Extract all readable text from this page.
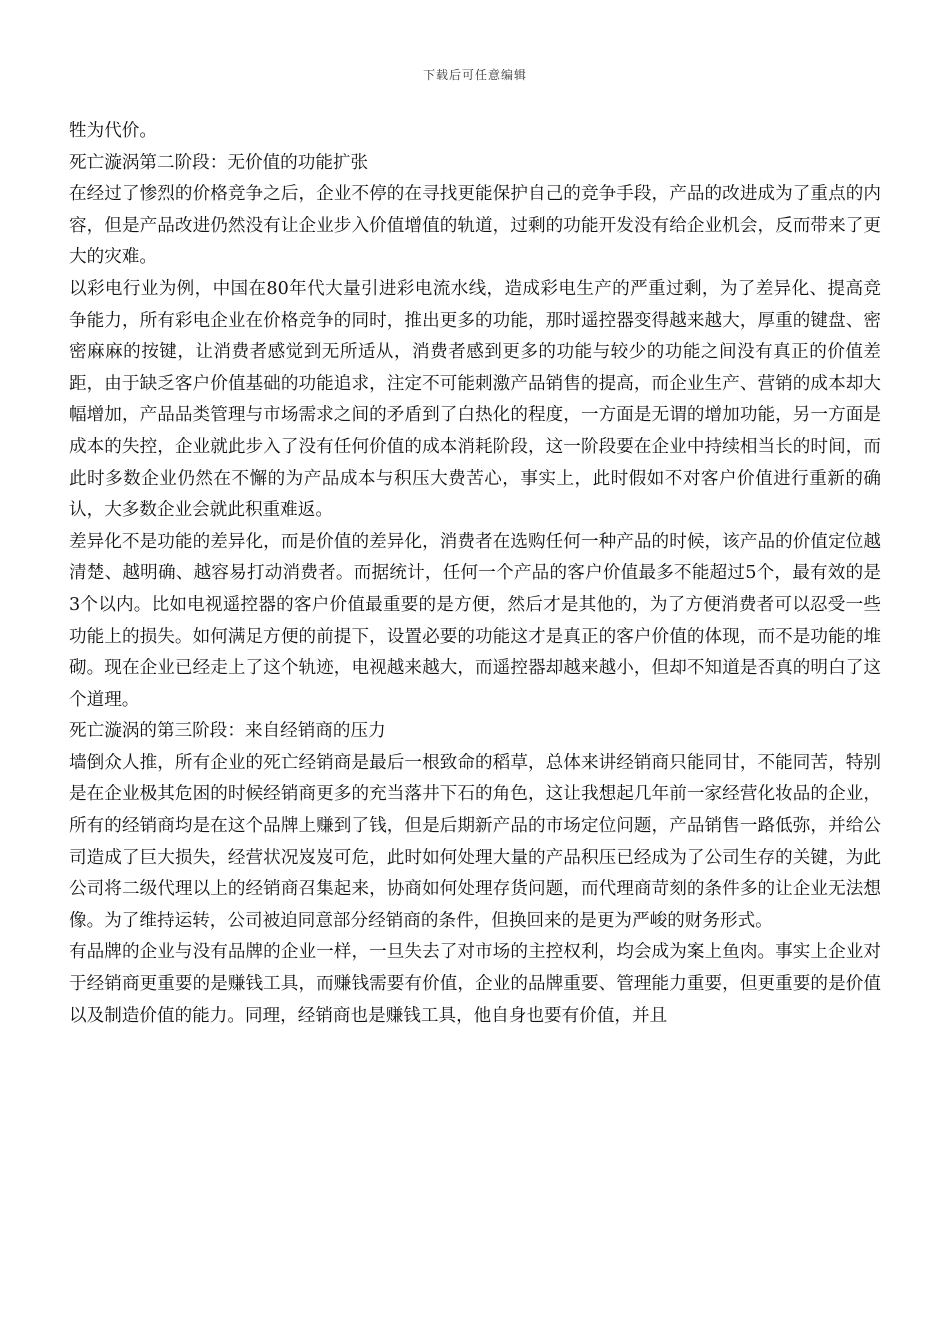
下载后可任意编辑

牲为代价。

死亡漩涡第二阶段：无价值的功能扩张

在经过了惨烈的价格竞争之后，企业不停的在寻找更能保护自己的竞争手段，产品的改进成为了重点的内容，但是产品改进仍然没有让企业步入价值增值的轨道，过剩的功能开发没有给企业机会，反而带来了更大的灾难。

以彩电行业为例，中国在80年代大量引进彩电流水线，造成彩电生产的严重过剩，为了差异化、提高竞争能力，所有彩电企业在价格竞争的同时，推出更多的功能，那时遥控器变得越来越大，厚重的键盘、密密麻麻的按键，让消费者感觉到无所适从，消费者感到更多的功能与较少的功能之间没有真正的价值差距，由于缺乏客户价值基础的功能追求，注定不可能刺激产品销售的提高，而企业生产、营销的成本却大幅增加，产品品类管理与市场需求之间的矛盾到了白热化的程度，一方面是无谓的增加功能，另一方面是成本的失控，企业就此步入了没有任何价值的成本消耗阶段，这一阶段要在企业中持续相当长的时间，而此时多数企业仍然在不懈的为产品成本与积压大费苦心，事实上，此时假如不对客户价值进行重新的确认，大多数企业会就此积重难返。

差异化不是功能的差异化，而是价值的差异化，消费者在选购任何一种产品的时候，该产品的价值定位越清楚、越明确、越容易打动消费者。而据统计，任何一个产品的客户价值最多不能超过5个，最有效的是3个以内。比如电视遥控器的客户价值最重要的是方便，然后才是其他的，为了方便消费者可以忍受一些功能上的损失。如何满足方便的前提下，设置必要的功能这才是真正的客户价值的体现，而不是功能的堆砌。现在企业已经走上了这个轨迹，电视越来越大，而遥控器却越来越小，但却不知道是否真的明白了这个道理。

死亡漩涡的第三阶段：来自经销商的压力

墙倒众人推，所有企业的死亡经销商是最后一根致命的稻草，总体来讲经销商只能同甘，不能同苦，特别是在企业极其危困的时候经销商更多的充当落井下石的角色，这让我想起几年前一家经营化妆品的企业，所有的经销商均是在这个品牌上赚到了钱，但是后期新产品的市场定位问题，产品销售一路低弥，并给公司造成了巨大损失，经营状况岌岌可危，此时如何处理大量的产品积压已经成为了公司生存的关键，为此公司将二级代理以上的经销商召集起来，协商如何处理存货问题，而代理商苛刻的条件多的让企业无法想像。为了维持运转，公司被迫同意部分经销商的条件，但换回来的是更为严峻的财务形式。

有品牌的企业与没有品牌的企业一样，一旦失去了对市场的主控权利，均会成为案上鱼肉。事实上企业对于经销商更重要的是赚钱工具，而赚钱需要有价值，企业的品牌重要、管理能力重要，但更重要的是价值以及制造价值的能力。同理，经销商也是赚钱工具，他自身也要有价值，并且
